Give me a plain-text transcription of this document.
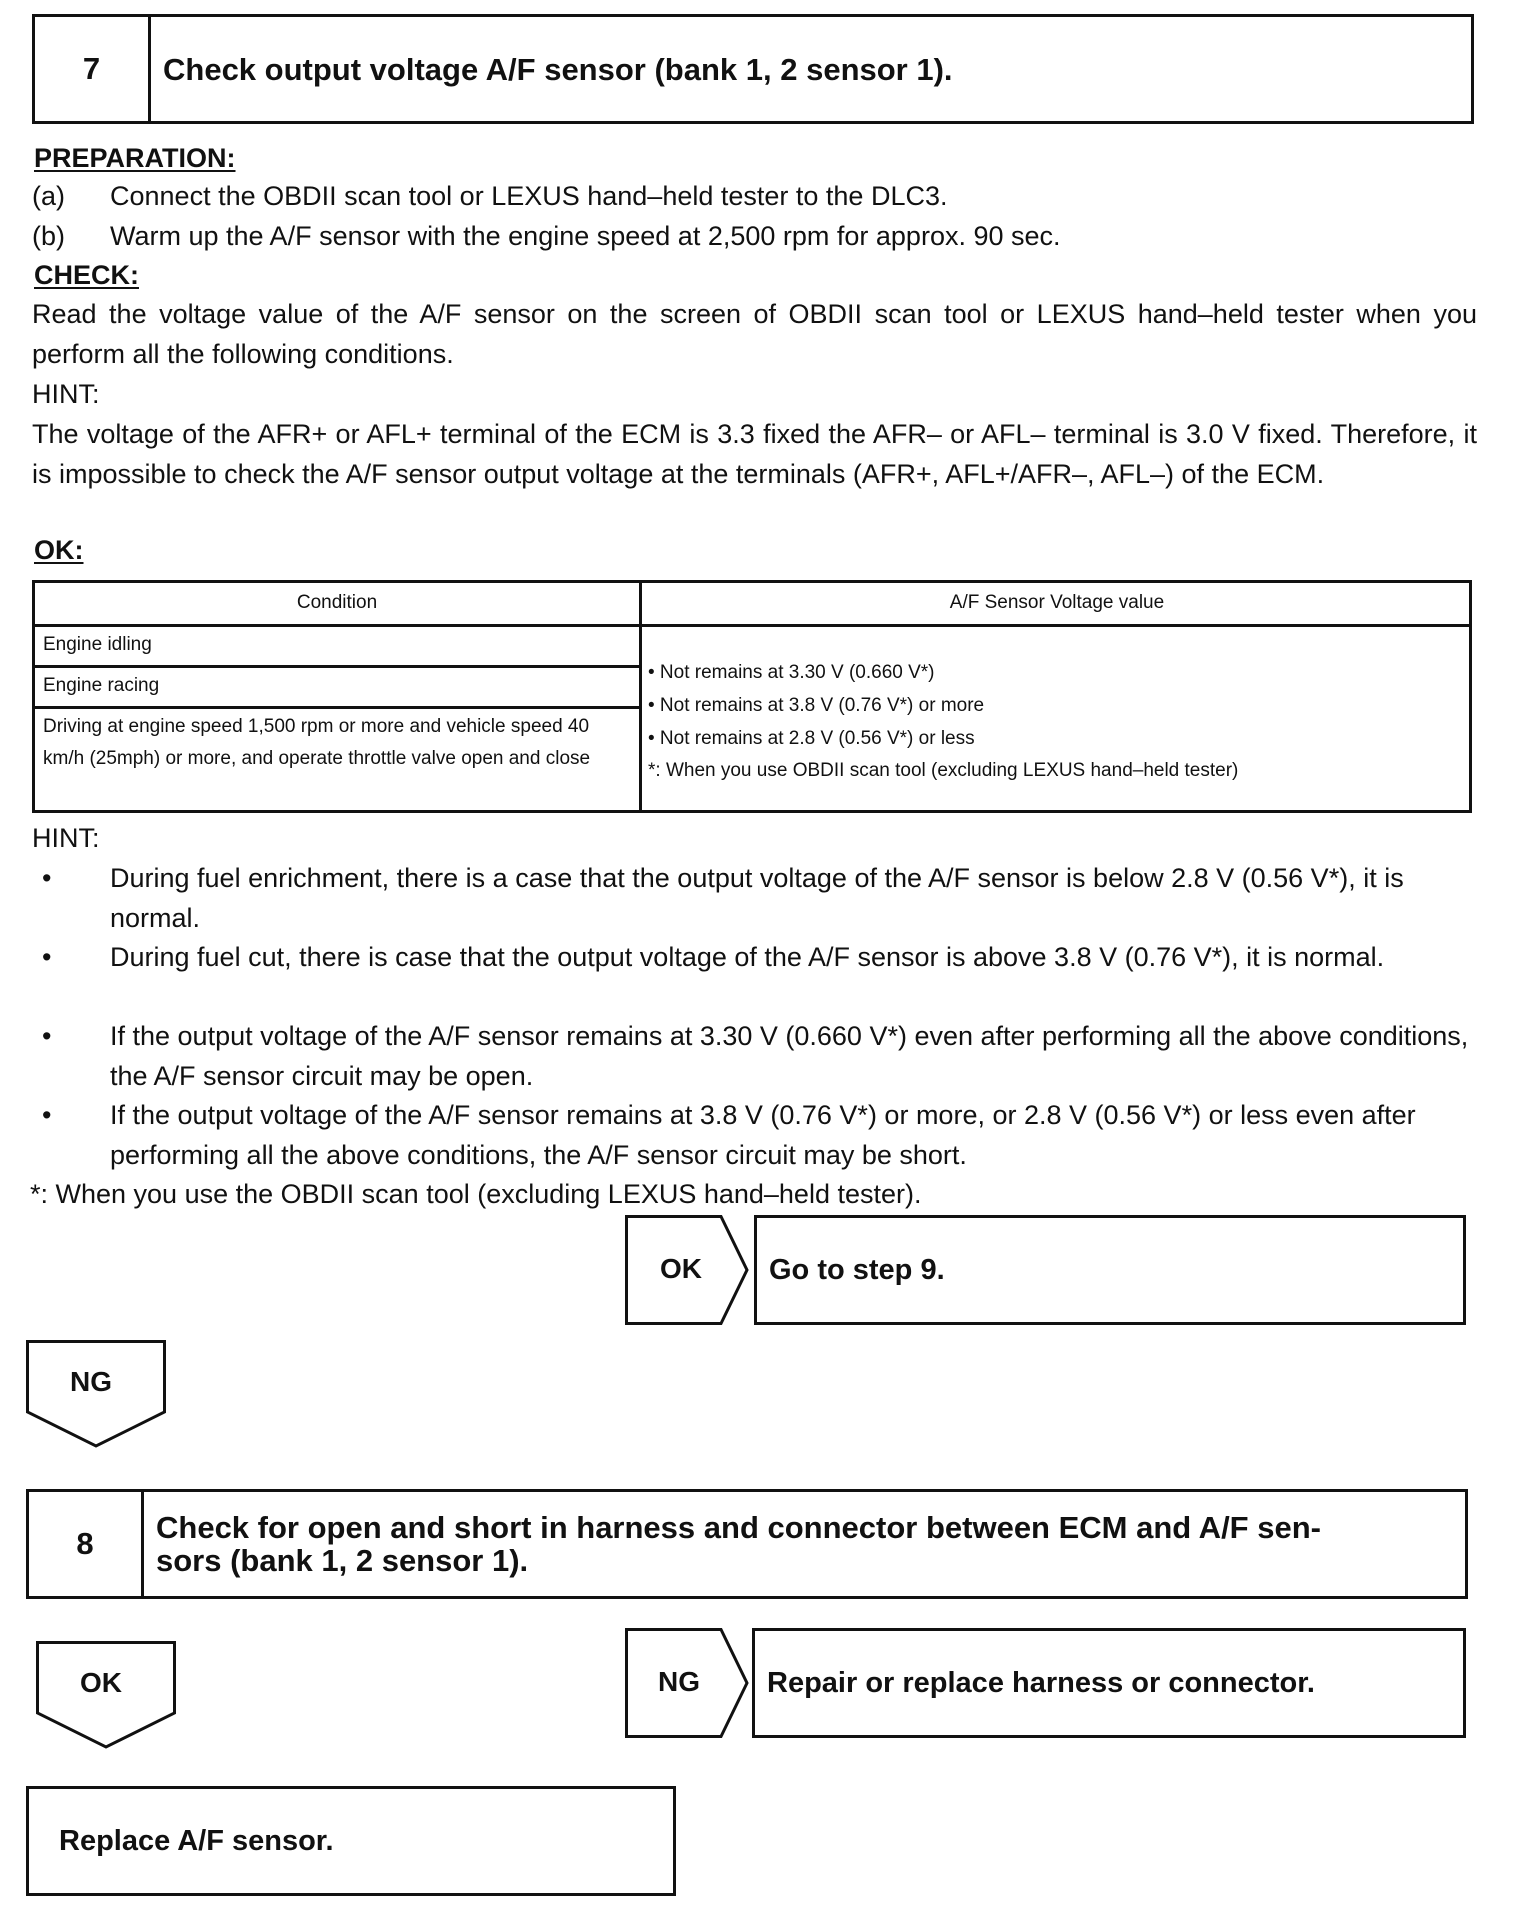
7	Check output voltage A/F sensor (bank 1, 2 sensor 1).
PREPARATION:
(a) Connect the OBDII scan tool or LEXUS hand–held tester to the DLC3.
(b) Warm up the A/F sensor with the engine speed at 2,500 rpm for approx. 90 sec.
CHECK:
Read the voltage value of the A/F sensor on the screen of OBDII scan tool or LEXUS hand–held tester when you perform all the following conditions.
HINT:
The voltage of the AFR+ or AFL+ terminal of the ECM is 3.3 fixed the AFR– or AFL– terminal is 3.0 V fixed. Therefore, it is impossible to check the A/F sensor output voltage at the terminals (AFR+, AFL+/AFR–, AFL–) of the ECM.
OK:
Condition	A/F Sensor Voltage value
Engine idling
Engine racing
Driving at engine speed 1,500 rpm or more and vehicle speed 40 km/h (25mph) or more, and operate throttle valve open and close
• Not remains at 3.30 V (0.660 V*)
• Not remains at 3.8 V (0.76 V*) or more
• Not remains at 2.8 V (0.56 V*) or less
*: When you use OBDII scan tool (excluding LEXUS hand–held tester)
HINT:
• During fuel enrichment, there is a case that the output voltage of the A/F sensor is below 2.8 V (0.56 V*), it is normal.
• During fuel cut, there is case that the output voltage of the A/F sensor is above 3.8 V (0.76 V*), it is normal.
• If the output voltage of the A/F sensor remains at 3.30 V (0.660 V*) even after performing all the above conditions, the A/F sensor circuit may be open.
• If the output voltage of the A/F sensor remains at 3.8 V (0.76 V*) or more, or 2.8 V (0.56 V*) or less even after performing all the above conditions, the A/F sensor circuit may be short.
*: When you use the OBDII scan tool (excluding LEXUS hand–held tester).
OK	Go to step 9.
NG
8	Check for open and short in harness and connector between ECM and A/F sen-
sors (bank 1, 2 sensor 1).
OK	NG	Repair or replace harness or connector.
Replace A/F sensor.
